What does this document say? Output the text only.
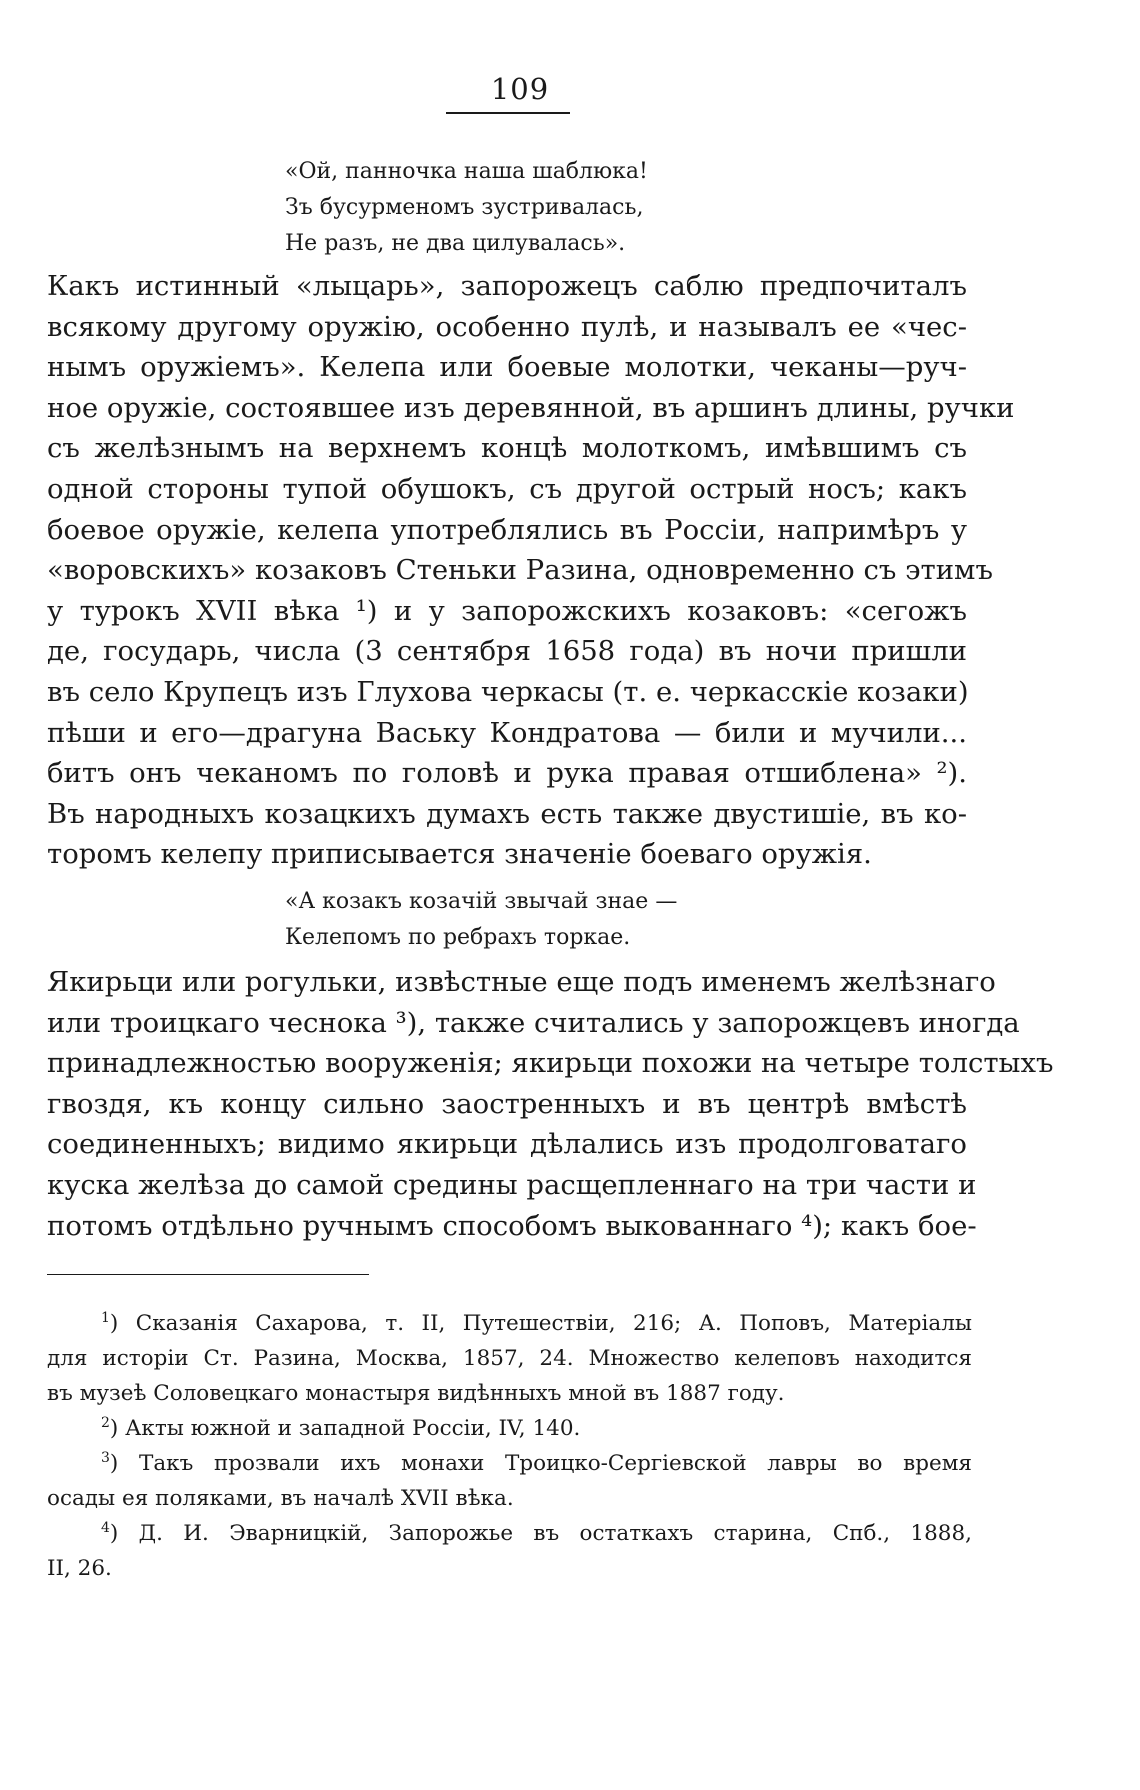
109
«Ой, панночка наша шаблюка!
Зъ бусурменомъ зустривалась,
Не разъ, не два цилувалась».
Какъ истинный «лыцарь», запорожецъ саблю предпочиталъ
всякому другому оружію, особенно пулѣ, и называлъ ее «чес-
нымъ оружіемъ». Келепа или боевые молотки, чеканы—руч-
ное оружіе, состоявшее изъ деревянной, въ аршинъ длины, ручки
съ желѣзнымъ на верхнемъ концѣ молоткомъ, имѣвшимъ съ
одной стороны тупой обушокъ, съ другой острый носъ; какъ
боевое оружіе, келепа употреблялись въ Россіи, напримѣръ у
«воровскихъ» козаковъ Стеньки Разина, одновременно съ этимъ
у турокъ XVII вѣка ¹) и у запорожскихъ козаковъ: «сегожъ
де, государь, числа (3 сентября 1658 года) въ ночи пришли
въ село Крупецъ изъ Глухова черкасы (т. е. черкасскіе козаки)
пѣши и его—драгуна Ваську Кондратова — били и мучили...
битъ онъ чеканомъ по головѣ и рука правая отшиблена» ²).
Въ народныхъ козацкихъ думахъ есть также двустишіе, въ ко-
торомъ келепу приписывается значеніе боеваго оружія.
«А козакъ козачій звычай знае —
Келепомъ по ребрахъ торкае.
Якирьци или рогульки, извѣстные еще подъ именемъ желѣзнаго
или троицкаго чеснока ³), также считались у запорожцевъ иногда
принадлежностью вооруженія; якирьци похожи на четыре толстыхъ
гвоздя, къ концу сильно заостренныхъ и въ центрѣ вмѣстѣ
соединенныхъ; видимо якирьци дѣлались изъ продолговатаго
куска желѣза до самой средины расщепленнаго на три части и
потомъ отдѣльно ручнымъ способомъ выкованнаго ⁴); какъ бое-
$^1$) Сказанія Сахарова, т. II, Путешествіи, 216; А. Поповъ, Матеріалы
для исторіи Ст. Разина, Москва, 1857, 24. Множество келеповъ находится
въ музеѣ Соловецкаго монастыря видѣнныхъ мной въ 1887 году.
$^2$) Акты южной и западной Россіи, IV, 140.
$^3$) Такъ прозвали ихъ монахи Троицко-Сергіевской лавры во время
осады ея поляками, въ началѣ XVII вѣка.
$^4$) Д. И. Эварницкій, Запорожье въ остаткахъ старина, Спб., 1888,
II, 26.
